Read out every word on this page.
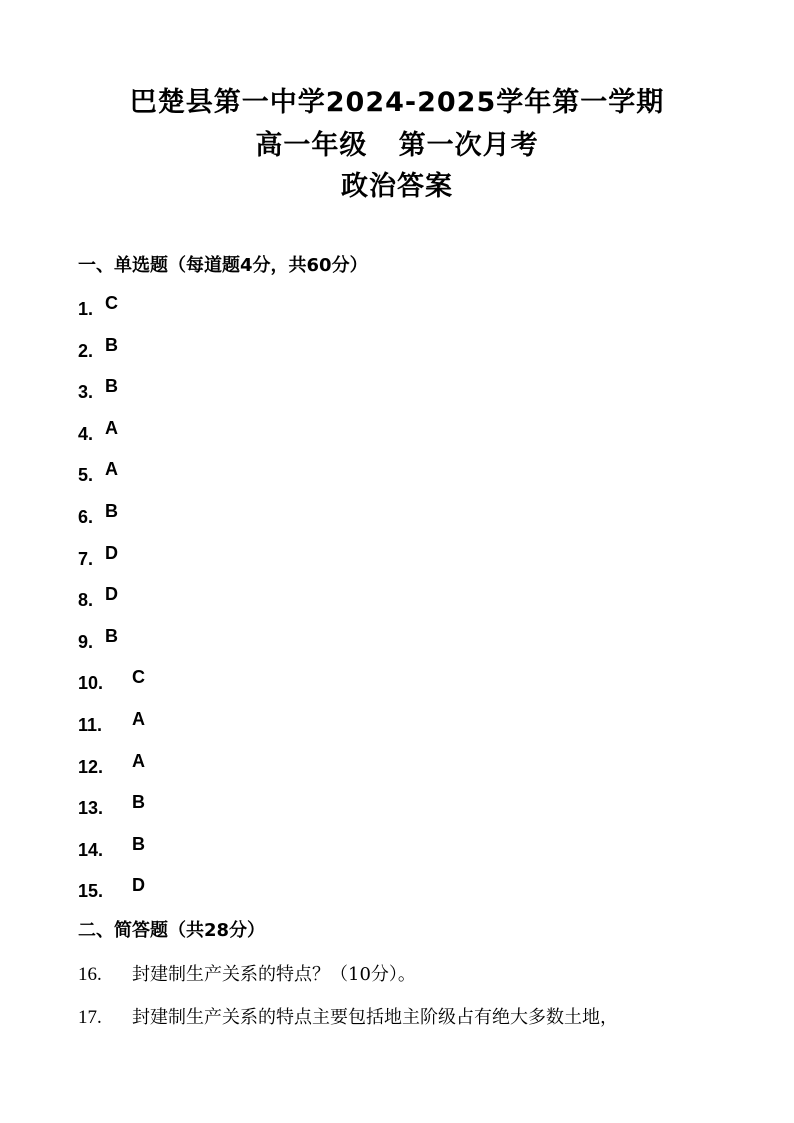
巴楚县第一中学2024-2025学年第一学期
高一年级   第一次月考
政治答案
一、单选题（每道题4分，共60分）
1. C
2. B
3. B
4. A
5. A
6. B
7. D
8. D
9. B
10. C
11. A
12. A
13. B
14. B
15. D
二、简答题（共28分）
16. 封建制生产关系的特点？（10分）。
17. 封建制生产关系的特点主要包括地主阶级占有绝大多数土地，
